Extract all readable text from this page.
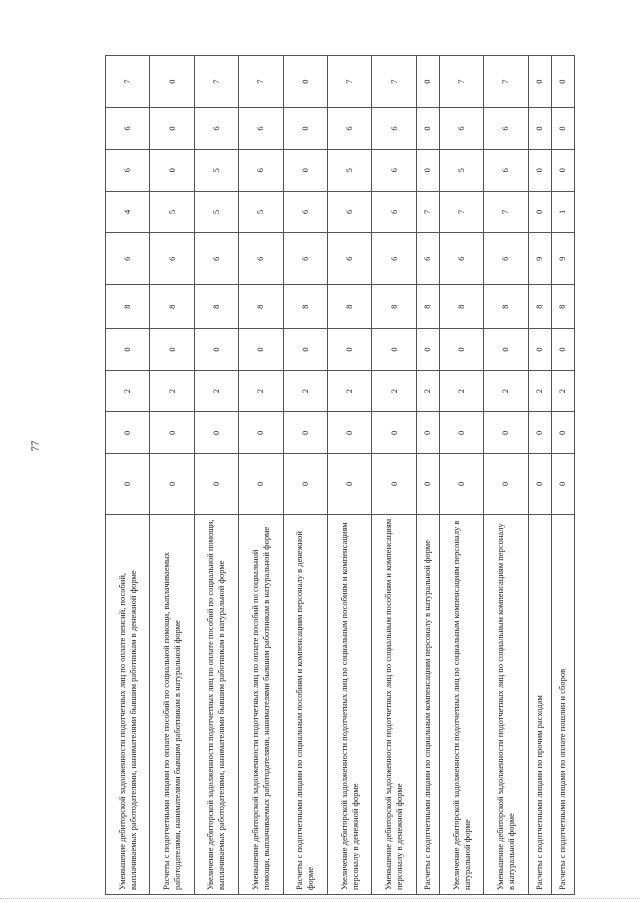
77
Уменьшение дебиторской задолженности подотчетных лиц по оплате пенсий, пособий, выплачиваемых работодателями, нанимателями бывшим работникам в денежной форме	0	0	2	0	8	6	4	6	6	7
Расчеты с подотчетными лицами по оплате пособий по социальной помощи, выплачиваемых работодателями, нанимателями бывшим работникам в натуральной форме	0	0	2	0	8	6	5	0	0	0
Увеличение дебиторской задолженности подотчетных лиц по оплате пособий по социальной помощи, выплачиваемых работодателями, нанимателями бывшим работникам в натуральной форме	0	0	2	0	8	6	5	5	6	7
Уменьшение дебиторской задолженности подотчетных лиц по оплате пособий по социальной помощи, выплачиваемых работодателями, нанимателями бывшим работникам в натуральной форме	0	0	2	0	8	6	5	6	6	7
Расчеты с подотчетными лицами по социальным пособиям и компенсациям персоналу в денежной форме	0	0	2	0	8	6	6	0	0	0
Увеличение дебиторской задолженности подотчетных лиц по социальным пособиям и компенсациям персоналу в денежной форме	0	0	2	0	8	6	6	5	6	7
Уменьшение дебиторской задолженности подотчетных лиц по социальным пособиям и компенсациям персоналу в денежной форме	0	0	2	0	8	6	6	6	6	7
Расчеты с подотчетными лицами по социальным компенсациям персоналу в натуральной форме	0	0	2	0	8	6	7	0	0	0
Увеличение дебиторской задолженности подотчетных лиц по социальным компенсациям персоналу в натуральной форме	0	0	2	0	8	6	7	5	6	7
Уменьшение дебиторской задолженности подотчетных лиц по социальным компенсациям персоналу в натуральной форме	0	0	2	0	8	6	7	6	6	7
Расчеты с подотчетными лицами по прочим расходам	0	0	2	0	8	9	0	0	0	0
Расчеты с подотчетными лицами по оплате пошлин и сборов	0	0	2	0	8	9	1	0	0	0
